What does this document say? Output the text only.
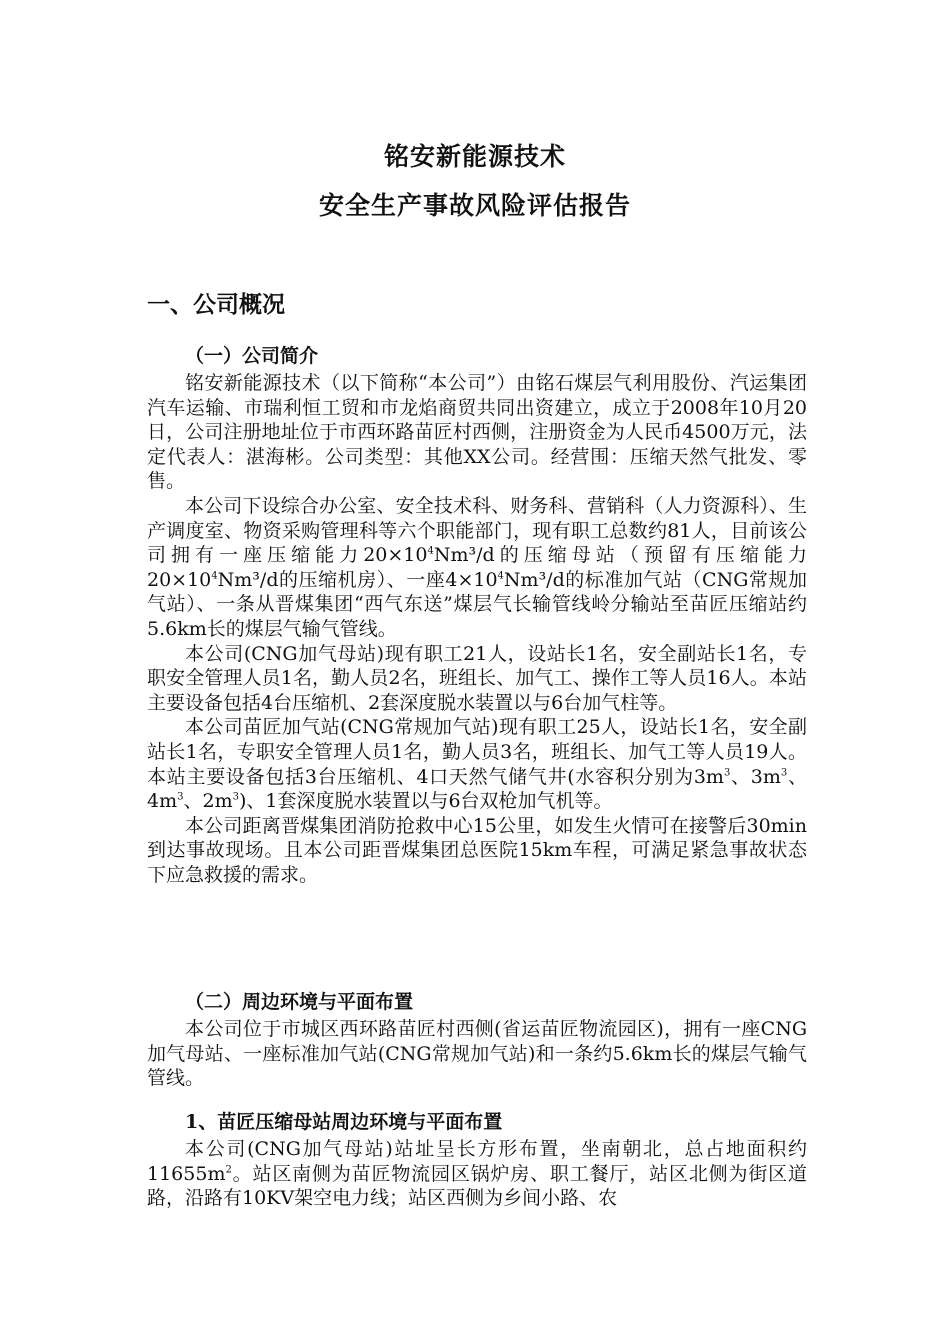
铭安新能源技术
安全生产事故风险评估报告
一、公司概况
（一）公司简介

铭安新能源技术（以下简称“本公司”）由铭石煤层气利用股份、汽运集团汽车运输、市瑞利恒工贸和市龙焰商贸共同出资建立，成立于2008年10月20日，公司注册地址位于市西环路苗匠村西侧，注册资金为人民币4500万元，法定代表人：湛海彬。公司类型：其他XX公司。经营围：压缩天然气批发、零售。

本公司下设综合办公室、安全技术科、财务科、营销科（人力资源科）、生产调度室、物资采购管理科等六个职能部门，现有职工总数约81人，目前该公司拥有一座压缩能力$20\times 10^4Nm^3/d$的压缩母站（预留有压缩能力$20\times 10^4Nm^3/d$的压缩机房）、一座$4\times 10^4Nm^3/d$的标准加气站（CNG常规加气站）、一条从晋煤集团“西气东送”煤层气长输管线岭分输站至苗匠压缩站约5.6km长的煤层气输气管线。

本公司(CNG加气母站)现有职工21人，设站长1名，安全副站长1名，专职安全管理人员1名，勤人员2名，班组长、加气工、操作工等人员16人。本站主要设备包括4台压缩机、2套深度脱水装置以与6台加气柱等。

本公司苗匠加气站(CNG常规加气站)现有职工25人，设站长1名，安全副站长1名，专职安全管理人员1名，勤人员3名，班组长、加气工等人员19人。本站主要设备包括3台压缩机、4口天然气储气井(水容积分别为$3m^3$、$3m^3$、$4m^3$、$2m^3$)、1套深度脱水装置以与6台双枪加气机等。

本公司距离晋煤集团消防抢救中心15公里，如发生火情可在接警后30min到达事故现场。且本公司距晋煤集团总医院15km车程，可满足紧急事故状态下应急救援的需求。

（二）周边环境与平面布置

本公司位于市城区西环路苗匠村西侧(省运苗匠物流园区)，拥有一座CNG加气母站、一座标准加气站(CNG常规加气站)和一条约5.6km长的煤层气输气管线。

1、苗匠压缩母站周边环境与平面布置

本公司(CNG加气母站)站址呈长方形布置，坐南朝北，总占地面积约$11655m^2$。站区南侧为苗匠物流园区锅炉房、职工餐厅，站区北侧为街区道路，沿路有10KV架空电力线；站区西侧为乡间小路、农
